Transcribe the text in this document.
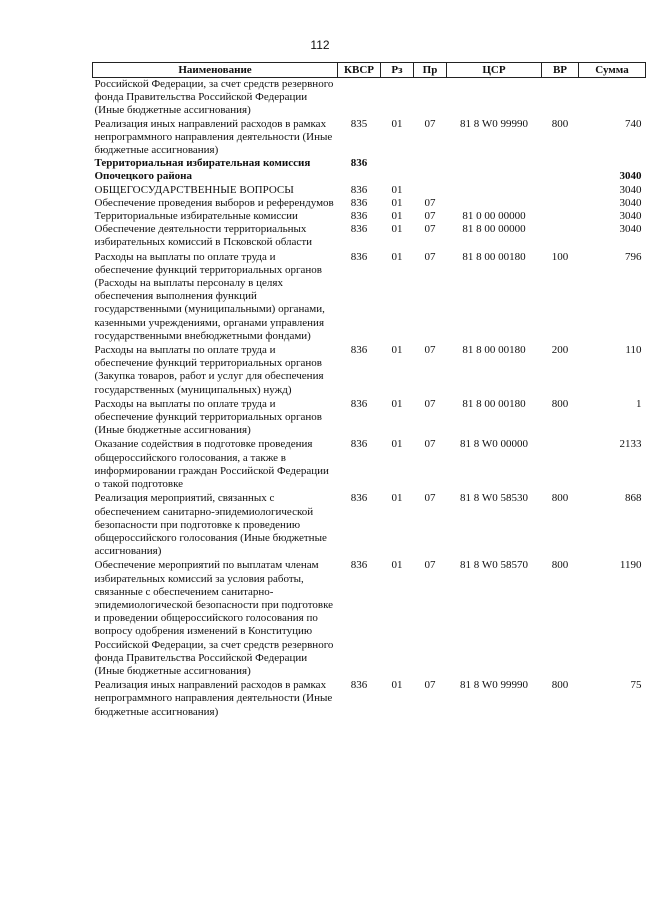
112
Наименование	КВСР	Рз	Пр	ЦСР	ВР	Сумма
Российской Федерации, за счет средств резервного фонда Правительства Российской Федерации (Иные бюджетные ассигнования)						
Реализация иных направлений расходов в рамках непрограммного направления деятельности (Иные бюджетные ассигнования)	835	01	07	81 8 W0 99990	800	740
Территориальная избирательная комиссия Опочецкого района	836					3040
ОБЩЕГОСУДАРСТВЕННЫЕ ВОПРОСЫ	836	01				3040
Обеспечение проведения выборов и референдумов	836	01	07			3040
Территориальные избирательные комиссии	836	01	07	81 0 00 00000		3040
Обеспечение деятельности территориальных избирательных комиссий в Псковской области	836	01	07	81 8 00 00000		3040
Расходы на выплаты по оплате труда и обеспечение функций территориальных органов (Расходы на выплаты персоналу в целях обеспечения выполнения функций государственными (муниципальными) органами, казенными учреждениями, органами управления государственными внебюджетными фондами)	836	01	07	81 8 00 00180	100	796
Расходы на выплаты по оплате труда и обеспечение функций территориальных органов (Закупка товаров, работ и услуг для обеспечения государственных (муниципальных) нужд)	836	01	07	81 8 00 00180	200	110
Расходы на выплаты по оплате труда и обеспечение функций территориальных органов (Иные бюджетные ассигнования)	836	01	07	81 8 00 00180	800	1
Оказание содействия в подготовке проведения общероссийского голосования, а также в информировании граждан Российской Федерации о такой подготовке	836	01	07	81 8 W0 00000		2133
Реализация мероприятий, связанных с обеспечением санитарно-эпидемиологической безопасности при подготовке к проведению общероссийского голосования (Иные бюджетные ассигнования)	836	01	07	81 8 W0 58530	800	868
Обеспечение мероприятий по выплатам членам избирательных комиссий за условия работы, связанные с обеспечением санитарно-эпидемиологической безопасности при подготовке и проведении общероссийского голосования по вопросу одобрения изменений в Конституцию Российской Федерации, за счет средств резервного фонда Правительства Российской Федерации (Иные бюджетные ассигнования)	836	01	07	81 8 W0 58570	800	1190
Реализация иных направлений расходов в рамках непрограммного направления деятельности (Иные бюджетные ассигнования)	836	01	07	81 8 W0 99990	800	75
